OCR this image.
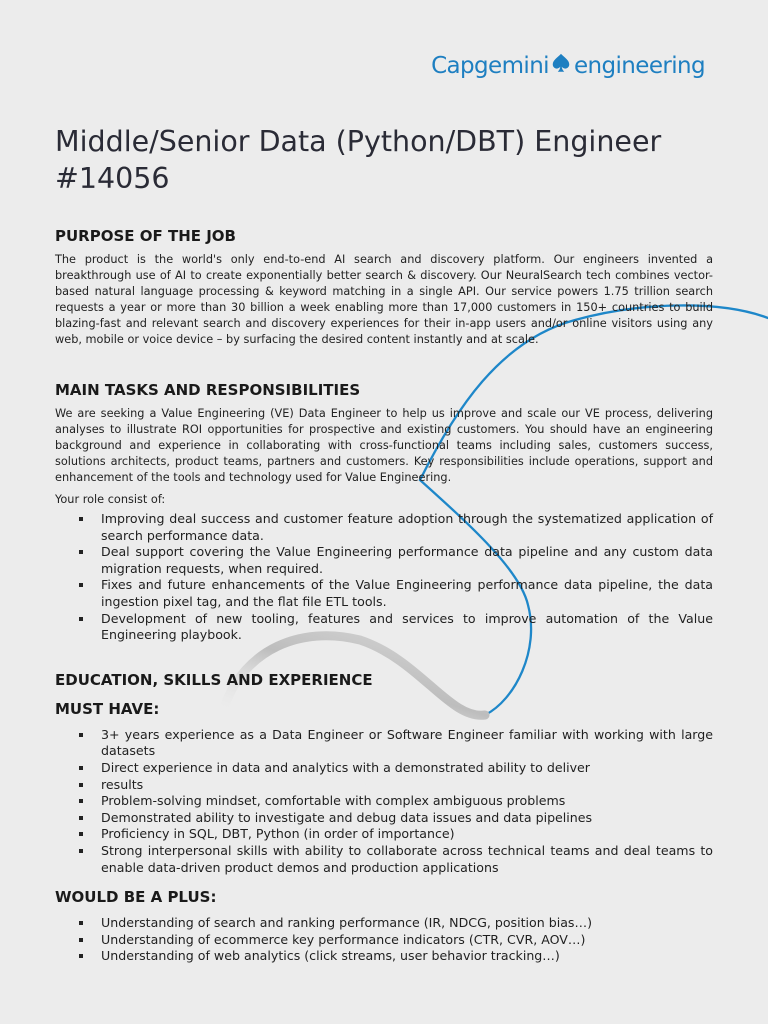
Capgemini engineering
Middle/Senior Data (Python/DBT) Engineer #14056
PURPOSE OF THE JOB

The product is the world's only end-to-end AI search and discovery platform. Our engineers invented a breakthrough use of AI to create exponentially better search & discovery. Our NeuralSearch tech combines vector-based natural language processing & keyword matching in a single API. Our service powers 1.75 trillion search requests a year or more than 30 billion a week enabling more than 17,000 customers in 150+ countries to build blazing-fast and relevant search and discovery experiences for their in-app users and/or online visitors using any web, mobile or voice device – by surfacing the desired content instantly and at scale.

MAIN TASKS AND RESPONSIBILITIES

We are seeking a Value Engineering (VE) Data Engineer to help us improve and scale our VE process, delivering analyses to illustrate ROI opportunities for prospective and existing customers. You should have an engineering background and experience in collaborating with cross-functional teams including sales, customers success, solutions architects, product teams, partners and customers. Key responsibilities include operations, support and enhancement of the tools and technology used for Value Engineering.

Your role consist of:

Improving deal success and customer feature adoption through the systematized application of search performance data.
Deal support covering the Value Engineering performance data pipeline and any custom data migration requests, when required.
Fixes and future enhancements of the Value Engineering performance data pipeline, the data ingestion pixel tag, and the flat file ETL tools.
Development of new tooling, features and services to improve automation of the Value Engineering playbook.
EDUCATION, SKILLS AND EXPERIENCE
MUST HAVE:
3+ years experience as a Data Engineer or Software Engineer familiar with working with large datasets
Direct experience in data and analytics with a demonstrated ability to deliver
results
Problem-solving mindset, comfortable with complex ambiguous problems
Demonstrated ability to investigate and debug data issues and data pipelines
Proficiency in SQL, DBT, Python (in order of importance)
Strong interpersonal skills with ability to collaborate across technical teams and deal teams to enable data-driven product demos and production applications
WOULD BE A PLUS:
Understanding of search and ranking performance (IR, NDCG, position bias…)
Understanding of ecommerce key performance indicators (CTR, CVR, AOV…)
Understanding of web analytics (click streams, user behavior tracking…)
